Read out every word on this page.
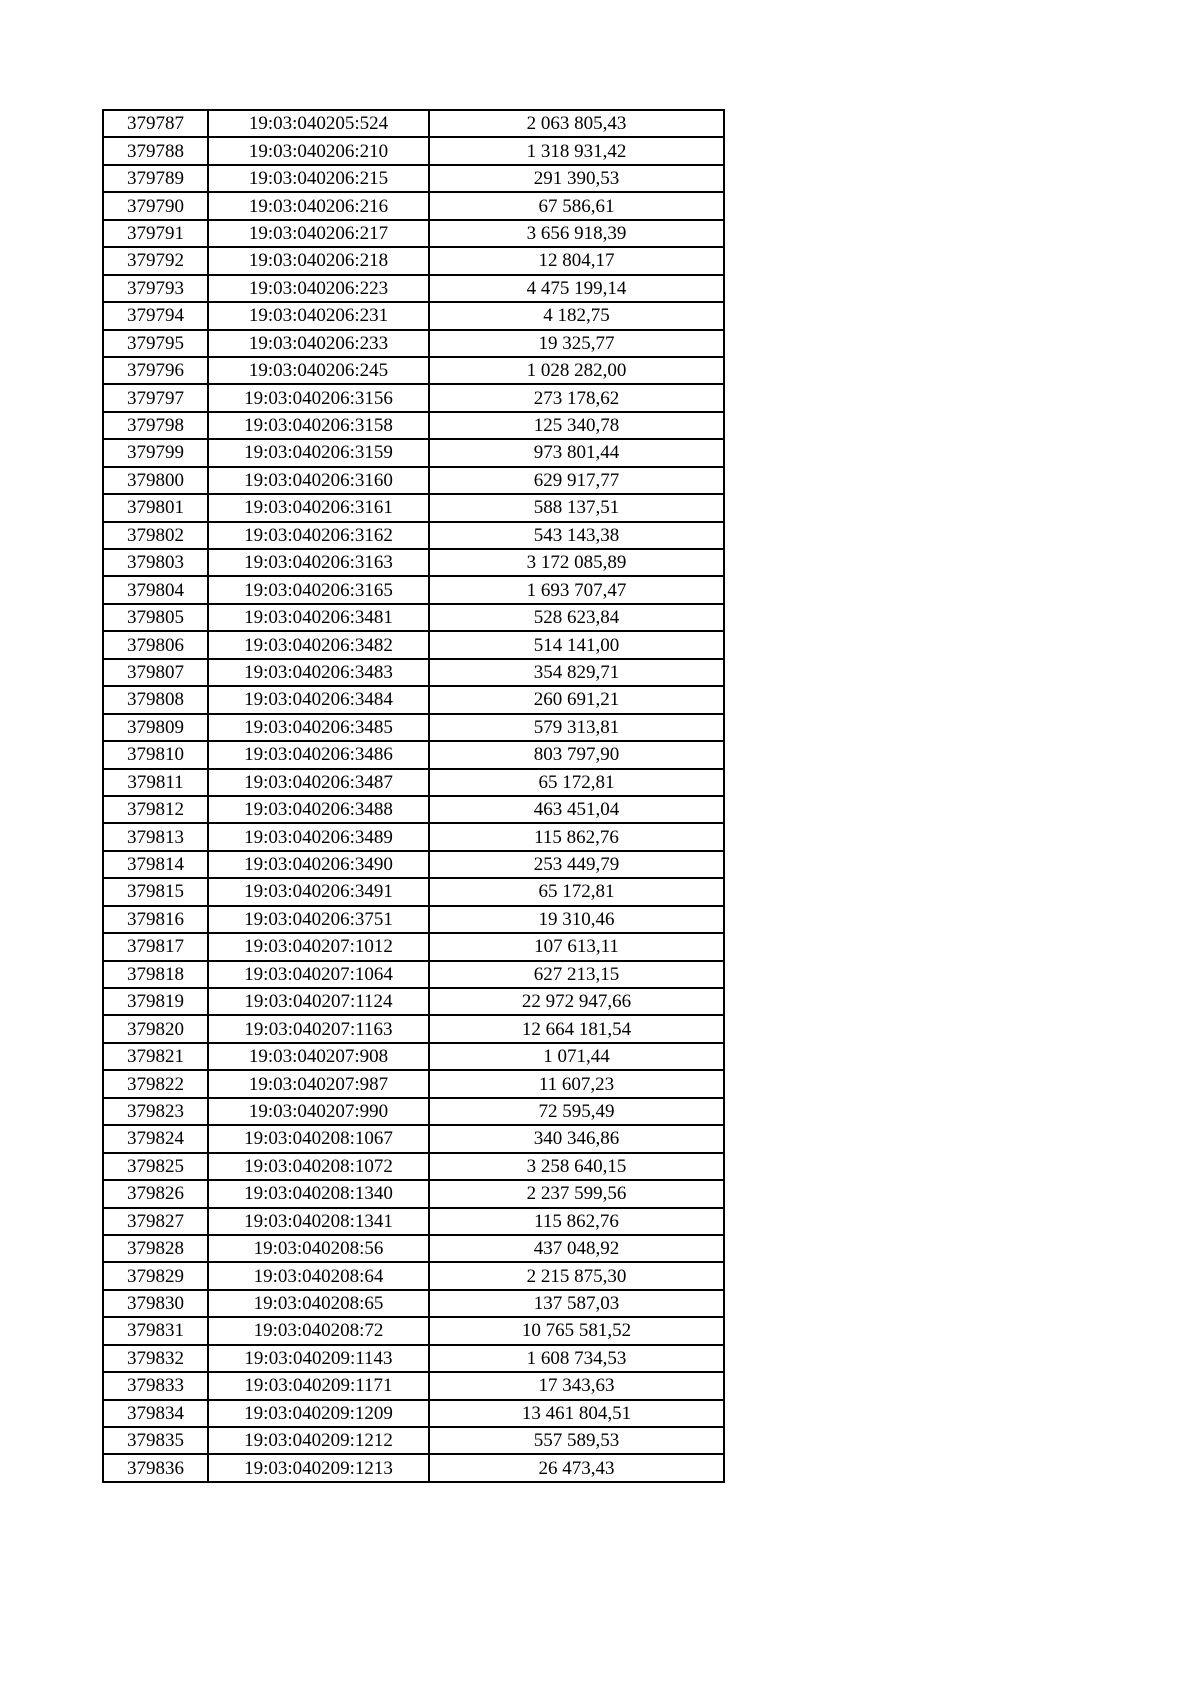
379787	19:03:040205:524	2 063 805,43
379788	19:03:040206:210	1 318 931,42
379789	19:03:040206:215	291 390,53
379790	19:03:040206:216	67 586,61
379791	19:03:040206:217	3 656 918,39
379792	19:03:040206:218	12 804,17
379793	19:03:040206:223	4 475 199,14
379794	19:03:040206:231	4 182,75
379795	19:03:040206:233	19 325,77
379796	19:03:040206:245	1 028 282,00
379797	19:03:040206:3156	273 178,62
379798	19:03:040206:3158	125 340,78
379799	19:03:040206:3159	973 801,44
379800	19:03:040206:3160	629 917,77
379801	19:03:040206:3161	588 137,51
379802	19:03:040206:3162	543 143,38
379803	19:03:040206:3163	3 172 085,89
379804	19:03:040206:3165	1 693 707,47
379805	19:03:040206:3481	528 623,84
379806	19:03:040206:3482	514 141,00
379807	19:03:040206:3483	354 829,71
379808	19:03:040206:3484	260 691,21
379809	19:03:040206:3485	579 313,81
379810	19:03:040206:3486	803 797,90
379811	19:03:040206:3487	65 172,81
379812	19:03:040206:3488	463 451,04
379813	19:03:040206:3489	115 862,76
379814	19:03:040206:3490	253 449,79
379815	19:03:040206:3491	65 172,81
379816	19:03:040206:3751	19 310,46
379817	19:03:040207:1012	107 613,11
379818	19:03:040207:1064	627 213,15
379819	19:03:040207:1124	22 972 947,66
379820	19:03:040207:1163	12 664 181,54
379821	19:03:040207:908	1 071,44
379822	19:03:040207:987	11 607,23
379823	19:03:040207:990	72 595,49
379824	19:03:040208:1067	340 346,86
379825	19:03:040208:1072	3 258 640,15
379826	19:03:040208:1340	2 237 599,56
379827	19:03:040208:1341	115 862,76
379828	19:03:040208:56	437 048,92
379829	19:03:040208:64	2 215 875,30
379830	19:03:040208:65	137 587,03
379831	19:03:040208:72	10 765 581,52
379832	19:03:040209:1143	1 608 734,53
379833	19:03:040209:1171	17 343,63
379834	19:03:040209:1209	13 461 804,51
379835	19:03:040209:1212	557 589,53
379836	19:03:040209:1213	26 473,43
